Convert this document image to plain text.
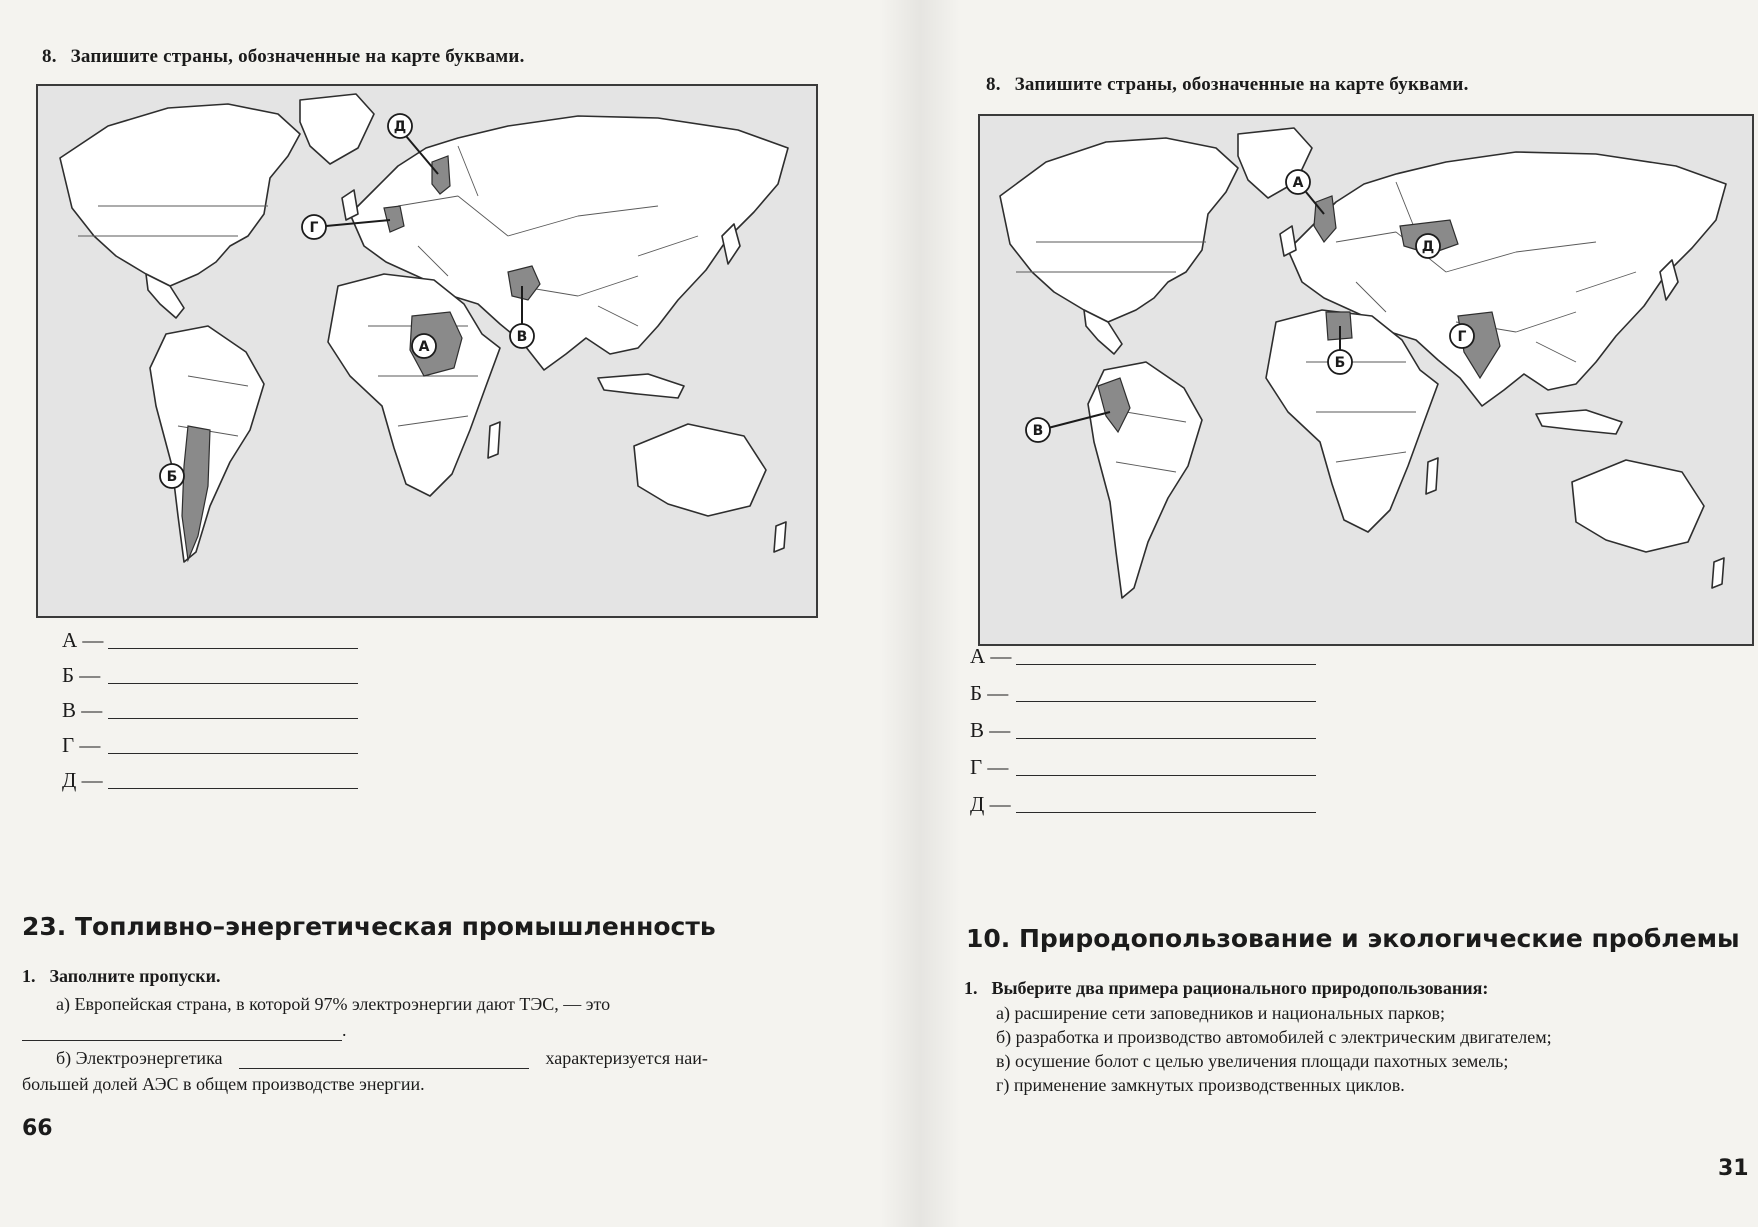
8. Запишите страны, обозначенные на карте буквами.
А
Б
В
Г
Д
А —
Б —
В —
Г —
Д —
23. Топливно–энергетическая промышленность
1. Заполните пропуски.
а) Европейская страна, в которой 97% электроэнергии дают ТЭС, — это
.
б) Электроэнергетика	характеризуется наи-
большей долей АЭС в общем производстве энергии.
66
8. Запишите страны, обозначенные на карте буквами.
А
Б
В
Г
Д
А —
Б —
В —
Г —
Д —
10. Природопользование и экологические проблемы
1. Выберите два примера рационального природопользования:
а) расширение сети заповедников и национальных парков;
б) разработка и производство автомобилей с электрическим двигателем;
в) осушение болот с целью увеличения площади пахотных земель;
г) применение замкнутых производственных циклов.
31
